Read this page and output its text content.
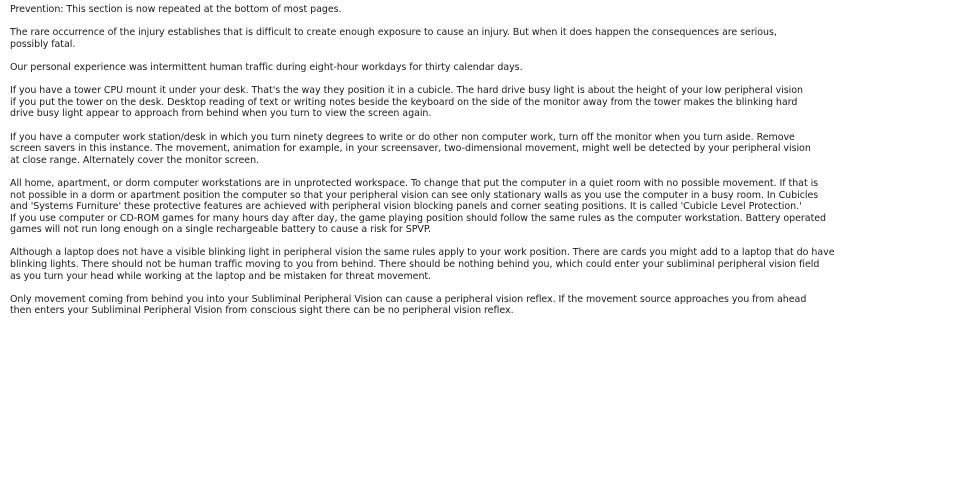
Prevention: This section is now repeated at the bottom of most pages.

The rare occurrence of the injury establishes that is difficult to create enough exposure to cause an injury. But when it does happen the consequences are serious,
possibly fatal.

Our personal experience was intermittent human traffic during eight-hour workdays for thirty calendar days.

If you have a tower CPU mount it under your desk. That's the way they position it in a cubicle. The hard drive busy light is about the height of your low peripheral vision
if you put the tower on the desk. Desktop reading of text or writing notes beside the keyboard on the side of the monitor away from the tower makes the blinking hard
drive busy light appear to approach from behind when you turn to view the screen again.

If you have a computer work station/desk in which you turn ninety degrees to write or do other non computer work, turn off the monitor when you turn aside. Remove
screen savers in this instance. The movement, animation for example, in your screensaver, two-dimensional movement, might well be detected by your peripheral vision
at close range. Alternately cover the monitor screen.

All home, apartment, or dorm computer workstations are in unprotected workspace. To change that put the computer in a quiet room with no possible movement. If that is
not possible in a dorm or apartment position the computer so that your peripheral vision can see only stationary walls as you use the computer in a busy room. In Cubicles
and 'Systems Furniture' these protective features are achieved with peripheral vision blocking panels and corner seating positions. It is called 'Cubicle Level Protection.'
If you use computer or CD-ROM games for many hours day after day, the game playing position should follow the same rules as the computer workstation. Battery operated
games will not run long enough on a single rechargeable battery to cause a risk for SPVP.

Although a laptop does not have a visible blinking light in peripheral vision the same rules apply to your work position. There are cards you might add to a laptop that do have
blinking lights. There should not be human traffic moving to you from behind. There should be nothing behind you, which could enter your subliminal peripheral vision field
as you turn your head while working at the laptop and be mistaken for threat movement.

Only movement coming from behind you into your Subliminal Peripheral Vision can cause a peripheral vision reflex. If the movement source approaches you from ahead
then enters your Subliminal Peripheral Vision from conscious sight there can be no peripheral vision reflex.
